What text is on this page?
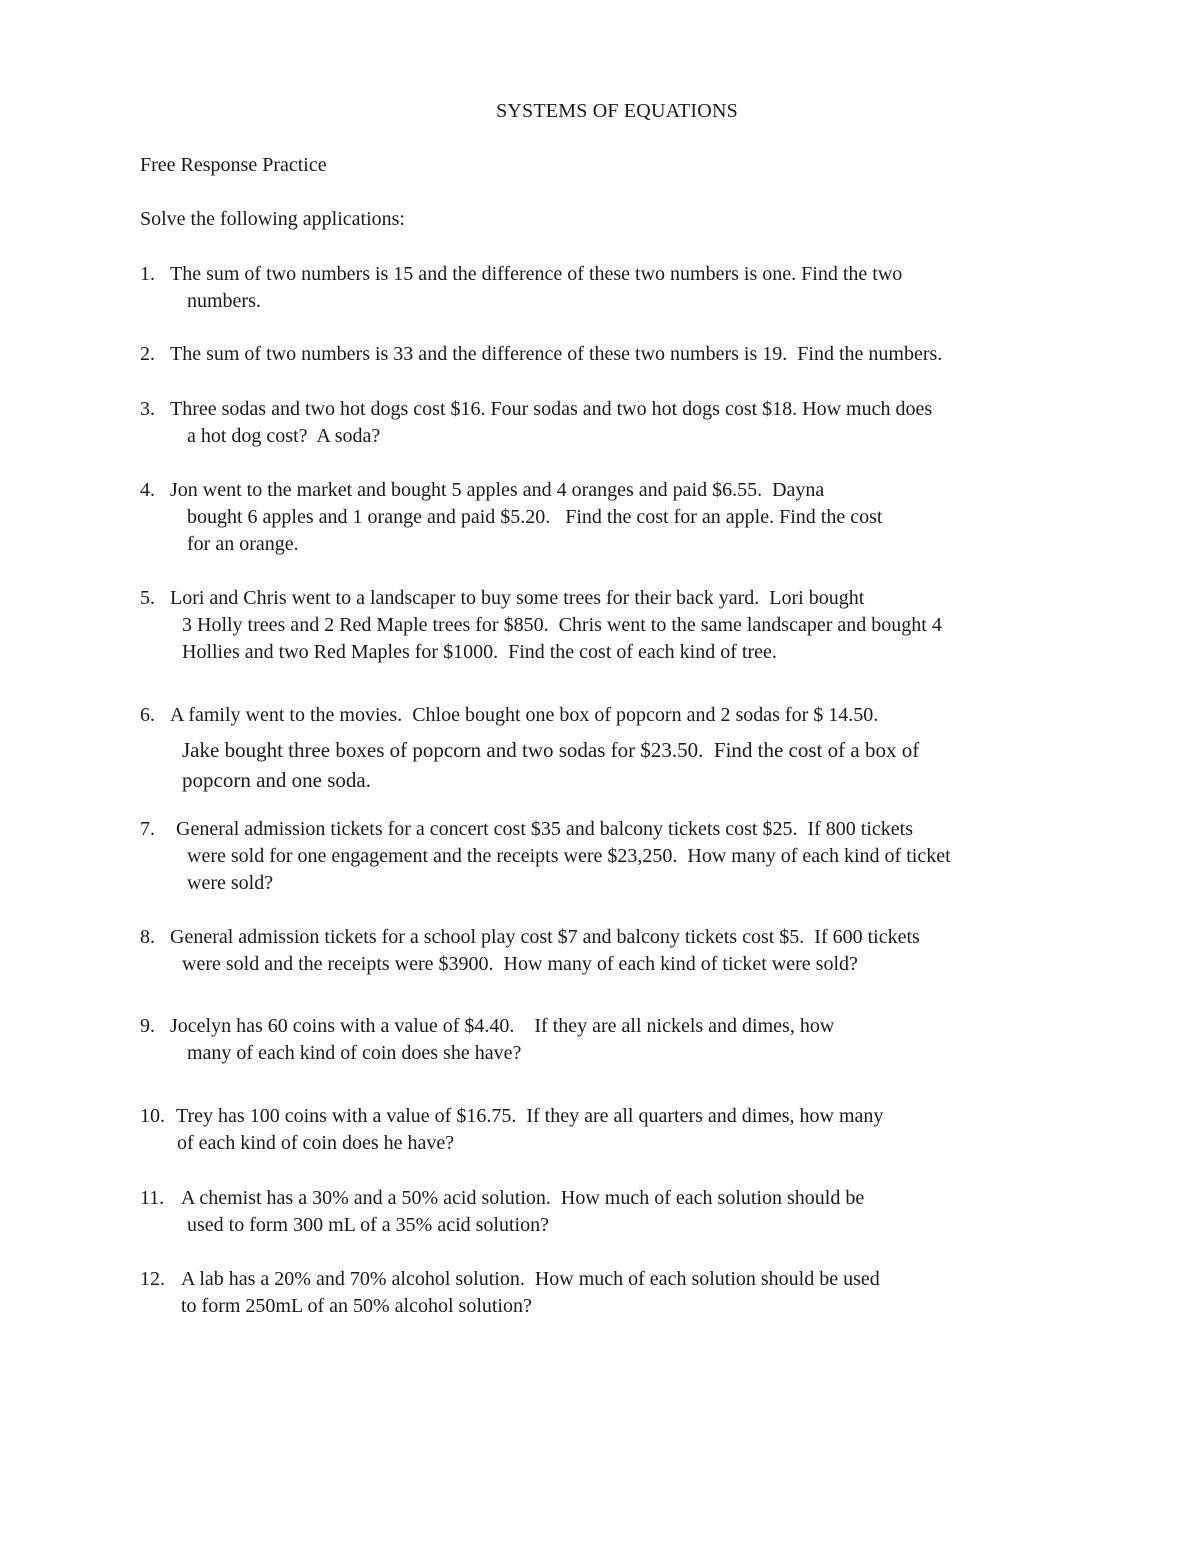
SYSTEMS OF EQUATIONS
Free Response Practice
Solve the following applications:
1. The sum of two numbers is 15 and the difference of these two numbers is one. Find the two
numbers.
2. The sum of two numbers is 33 and the difference of these two numbers is 19.  Find the numbers.
3. Three sodas and two hot dogs cost $16. Four sodas and two hot dogs cost $18. How much does
a hot dog cost?  A soda?
4. Jon went to the market and bought 5 apples and 4 oranges and paid $6.55.  Dayna
bought 6 apples and 1 orange and paid $5.20.   Find the cost for an apple. Find the cost
for an orange.
5. Lori and Chris went to a landscaper to buy some trees for their back yard.  Lori bought
3 Holly trees and 2 Red Maple trees for $850.  Chris went to the same landscaper and bought 4
Hollies and two Red Maples for $1000.  Find the cost of each kind of tree.
6. A family went to the movies.  Chloe bought one box of popcorn and 2 sodas for $ 14.50.
Jake bought three boxes of popcorn and two sodas for $23.50.  Find the cost of a box of
popcorn and one soda.
7. General admission tickets for a concert cost $35 and balcony tickets cost $25.  If 800 tickets
were sold for one engagement and the receipts were $23,250.  How many of each kind of ticket
were sold?
8. General admission tickets for a school play cost $7 and balcony tickets cost $5.  If 600 tickets
were sold and the receipts were $3900.  How many of each kind of ticket were sold?
9. Jocelyn has 60 coins with a value of $4.40.    If they are all nickels and dimes, how
many of each kind of coin does she have?
10. Trey has 100 coins with a value of $16.75.  If they are all quarters and dimes, how many
of each kind of coin does he have?
11. A chemist has a 30% and a 50% acid solution.  How much of each solution should be
used to form 300 mL of a 35% acid solution?
12. A lab has a 20% and 70% alcohol solution.  How much of each solution should be used
to form 250mL of an 50% alcohol solution?
